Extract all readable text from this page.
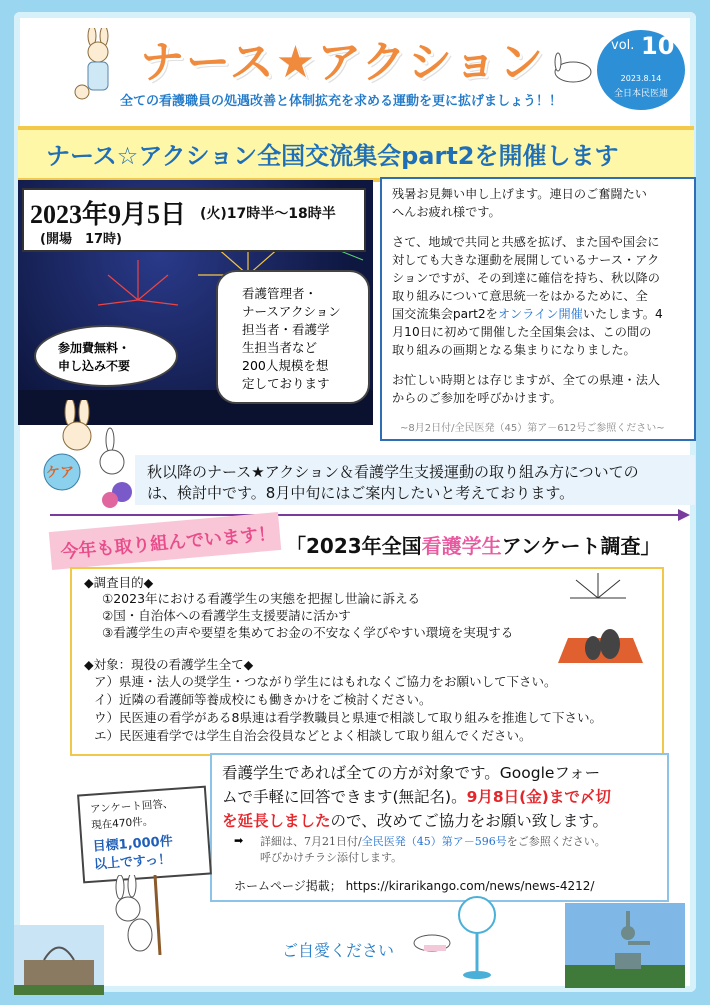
ナース★アクション
全ての看護職員の処遇改善と体制拡充を求める運動を更に拡げましょう！！
vol. 10
2023.8.14
全日本民医連
ナース☆アクション全国交流集会part2を開催します
2023年9月5日 (火)17時半～18時半
(開場　17時)
参加費無料・
申し込み不要
看護管理者・
ナースアクション
担当者・看護学
生担当者など
200人規模を想
定しております
残暑お見舞い申し上げます。連日のご奮闘たい
へんお疲れ様です。
さて、地域で共同と共感を拡げ、また国や国会に
対しても大きな運動を展開しているナース・アク
ションですが、その到達に確信を持ち、秋以降の
取り組みについて意思統一をはかるために、全
国交流集会part2をオンライン開催いたします。4
月10日に初めて開催した全国集会は、この間の
取り組みの画期となる集まりになりました。
お忙しい時期とは存じますが、全ての県連・法人
からのご参加を呼びかけます。
~8月2日付/全民医発（45）第ア－612号ご参照ください~
ケア	秋以降のナース★アクション＆看護学生支援運動の取り組み方についての
は、検討中です。8月中旬にはご案内したいと考えております。
今年も取り組んでいます！ 「2023年全国看護学生アンケート調査」
◆調査目的◆
①2023年における看護学生の実態を把握し世論に訴える
②国・自治体への看護学生支援要請に活かす
③看護学生の声や要望を集めてお金の不安なく学びやすい環境を実現する
◆対象：現役の看護学生全て◆
ア）県連・法人の奨学生・つながり学生にはもれなくご協力をお願いして下さい。
イ）近隣の看護師等養成校にも働きかけをご検討ください。
ウ）民医連の看学がある8県連は看学教職員と県連で相談して取り組みを推進して下さい。
エ）民医連看学では学生自治会役員などとよく相談して取り組んでください。
看護学生であれば全ての方が対象です。Googleフォー
ムで手軽に回答できます(無記名)。9月8日(金)まで〆切
を延長しましたので、改めてご協力をお願い致します。
➡ 詳細は、7月21日付/全民医発（45）第ア－596号をご参照ください。
呼びかけチラシ添付します。
ホームページ掲載； https://kirarikango.com/news/news-4212/
アンケート回答、
現在470件。
目標1,000件
以上ですっ！
ご自愛ください
